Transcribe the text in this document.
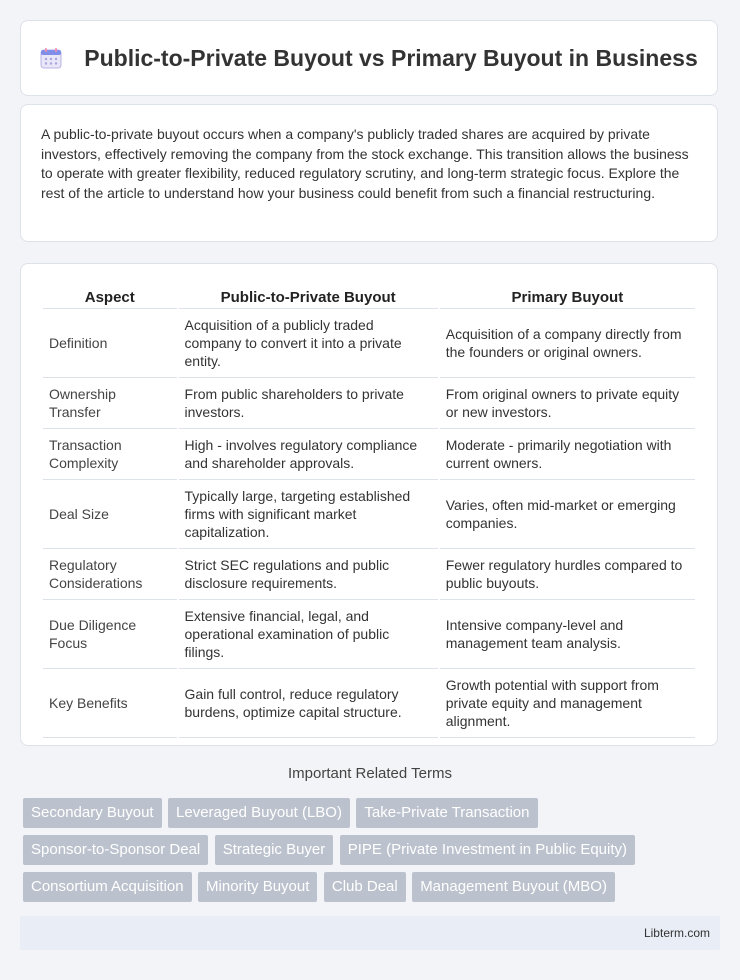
Public-to-Private Buyout vs Primary Buyout in Business

A public-to-private buyout occurs when a company's publicly traded shares are acquired by private investors, effectively removing the company from the stock exchange. This transition allows the business to operate with greater flexibility, reduced regulatory scrutiny, and long-term strategic focus. Explore the rest of the article to understand how your business could benefit from such a financial restructuring.

Aspect	Public-to-Private Buyout	Primary Buyout
Definition	Acquisition of a publicly traded company to convert it into a private entity.	Acquisition of a company directly from the founders or original owners.
Ownership Transfer	From public shareholders to private investors.	From original owners to private equity or new investors.
Transaction Complexity	High - involves regulatory compliance and shareholder approvals.	Moderate - primarily negotiation with current owners.
Deal Size	Typically large, targeting established firms with significant market capitalization.	Varies, often mid-market or emerging companies.
Regulatory Considerations	Strict SEC regulations and public disclosure requirements.	Fewer regulatory hurdles compared to public buyouts.
Due Diligence Focus	Extensive financial, legal, and operational examination of public filings.	Intensive company-level and management team analysis.
Key Benefits	Gain full control, reduce regulatory burdens, optimize capital structure.	Growth potential with support from private equity and management alignment.
Important Related Terms
Secondary Buyout Leveraged Buyout (LBO) Take-Private Transaction
Sponsor-to-Sponsor Deal Strategic Buyer PIPE (Private Investment in Public Equity)
Consortium Acquisition Minority Buyout Club Deal Management Buyout (MBO)
Libterm.com
